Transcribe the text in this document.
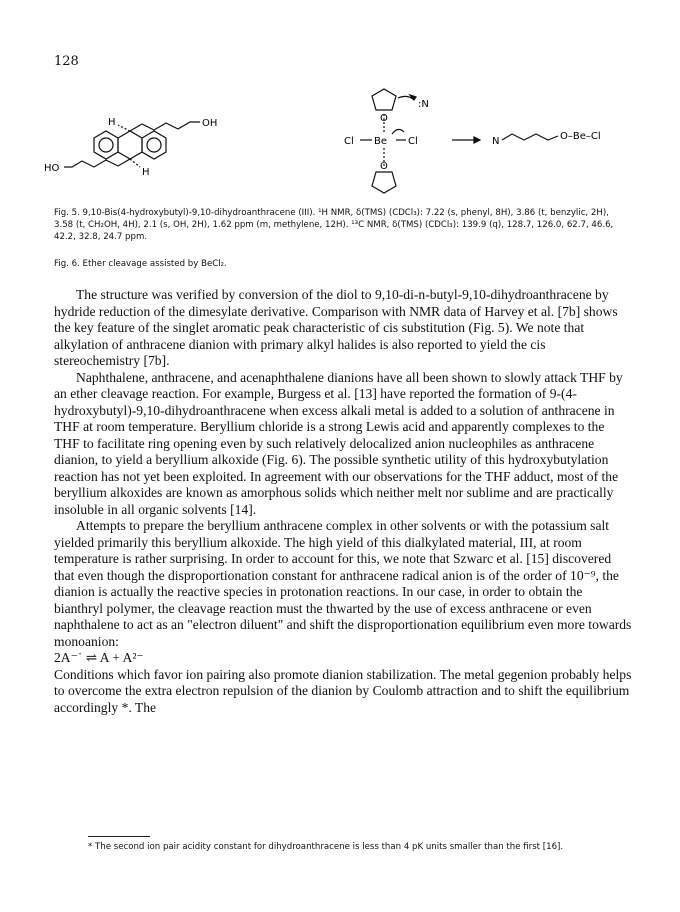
128
H	OH
HO	H
O
:N
Cl Be Cl
O
N	O–Be–Cl
Fig. 5. 9,10-Bis(4-hydroxybutyl)-9,10-dihydroanthracene (III). ¹H NMR, δ(TMS) (CDCl₃): 7.22 (s, phenyl, 8H), 3.86 (t, benzylic, 2H), 3.58 (t, CH₂OH, 4H), 2.1 (s, OH, 2H), 1.62 ppm (m, methylene, 12H). ¹³C NMR, δ(TMS) (CDCl₃): 139.9 (q), 128.7, 126.0, 62.7, 46.6, 42.2, 32.8, 24.7 ppm.
Fig. 6. Ether cleavage assisted by BeCl₂.

The structure was verified by conversion of the diol to 9,10-di-n-butyl-9,10-dihydroanthracene by hydride reduction of the dimesylate derivative. Comparison with NMR data of Harvey et al. [7b] shows the key feature of the singlet aromatic peak characteristic of cis substitution (Fig. 5). We note that alkylation of anthracene dianion with primary alkyl halides is also reported to yield the cis stereochemistry [7b].

Naphthalene, anthracene, and acenaphthalene dianions have all been shown to slowly attack THF by an ether cleavage reaction. For example, Burgess et al. [13] have reported the formation of 9-(4-hydroxybutyl)-9,10-dihydroanthracene when excess alkali metal is added to a solution of anthracene in THF at room temperature. Beryllium chloride is a strong Lewis acid and apparently complexes to the THF to facilitate ring opening even by such relatively delocalized anion nucleophiles as anthracene dianion, to yield a beryllium alkoxide (Fig. 6). The possible synthetic utility of this hydroxybutylation reaction has not yet been exploited. In agreement with our observations for the THF adduct, most of the beryllium alkoxides are known as amorphous solids which neither melt nor sublime and are practically insoluble in all organic solvents [14].

Attempts to prepare the beryllium anthracene complex in other solvents or with the potassium salt yielded primarily this beryllium alkoxide. The high yield of this dialkylated material, III, at room temperature is rather surprising. In order to account for this, we note that Szwarc et al. [15] discovered that even though the disproportionation constant for anthracene radical anion is of the order of 10⁻⁹, the dianion is actually the reactive species in protonation reactions. In our case, in order to obtain the bianthryl polymer, the cleavage reaction must the thwarted by the use of excess anthracene or even naphthalene to act as an "electron diluent" and shift the disproportionation equilibrium even more towards monoanion:

2A⁻˙ ⇌ A + A²⁻

Conditions which favor ion pairing also promote dianion stabilization. The metal gegenion probably helps to overcome the extra electron repulsion of the dianion by Coulomb attraction and to shift the equilibrium accordingly *. The

* The second ion pair acidity constant for dihydroanthracene is less than 4 pK units smaller than the first [16].
